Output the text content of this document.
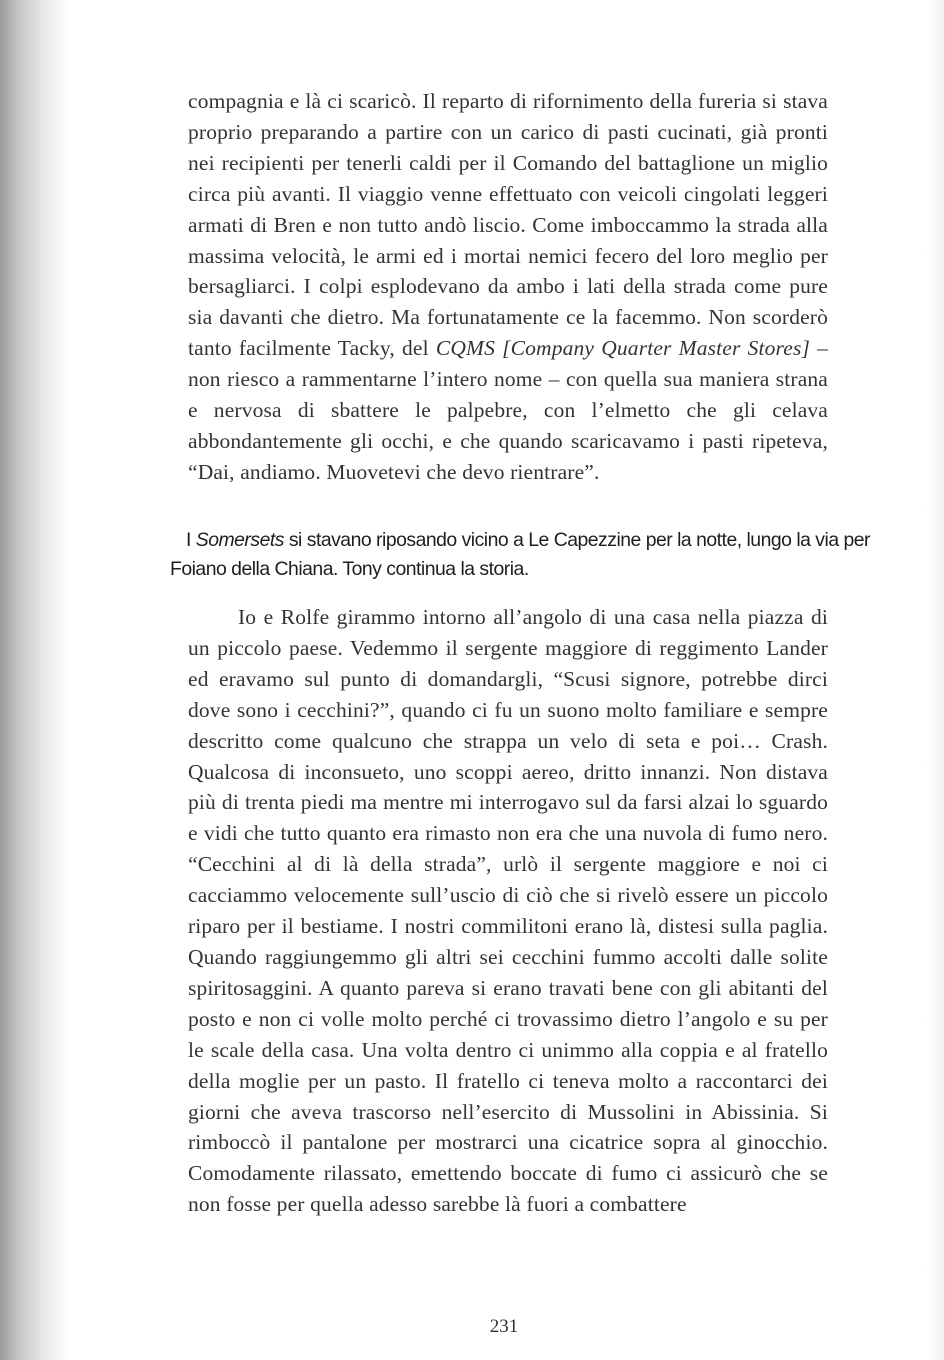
compagnia e là ci scaricò. Il reparto di rifornimento della fureria si stava proprio preparando a partire con un carico di pasti cucinati, già pronti nei recipienti per tenerli caldi per il Comando del battaglione un miglio circa più avanti. Il viaggio venne effettuato con veicoli cingolati leggeri armati di Bren e non tutto andò liscio. Come imboccammo la strada alla massima velocità, le armi ed i mortai nemici fecero del loro meglio per bersagliarci. I colpi esplodevano da ambo i lati della strada come pure sia davanti che dietro. Ma fortunatamente ce la facemmo. Non scorderò tanto facilmente Tacky, del CQMS [Company Quarter Master Stores] – non riesco a rammentarne l’intero nome – con quella sua maniera strana e nervosa di sbattere le palpebre, con l’elmetto che gli celava abbondantemente gli occhi, e che quando scaricavamo i pasti ripeteva, “Dai, andiamo. Muovetevi che devo rientrare”.

I Somersets si stavano riposando vicino a Le Capezzine per la notte, lungo la via per Foiano della Chiana. Tony continua la storia.

Io e Rolfe girammo intorno all’angolo di una casa nella piazza di un piccolo paese. Vedemmo il sergente maggiore di reggimento Lander ed eravamo sul punto di domandargli, “Scusi signore, potrebbe dirci dove sono i cecchini?”, quando ci fu un suono molto familiare e sempre descritto come qualcuno che strappa un velo di seta e poi… Crash. Qualcosa di inconsueto, uno scoppi aereo, dritto innanzi. Non distava più di trenta piedi ma mentre mi interrogavo sul da farsi alzai lo sguardo e vidi che tutto quanto era rimasto non era che una nuvola di fumo nero. “Cecchini al di là della strada”, urlò il sergente maggiore e noi ci cacciammo velocemente sull’uscio di ciò che si rivelò essere un piccolo riparo per il bestiame. I nostri commilitoni erano là, distesi sulla paglia. Quando raggiungemmo gli altri sei cecchini fummo accolti dalle solite spiritosaggini. A quanto pareva si erano travati bene con gli abitanti del posto e non ci volle molto perché ci trovassimo dietro l’angolo e su per le scale della casa. Una volta dentro ci unimmo alla coppia e al fratello della moglie per un pasto. Il fratello ci teneva molto a raccontarci dei giorni che aveva trascorso nell’esercito di Mussolini in Abissinia. Si rimboccò il pantalone per mostrarci una cicatrice sopra al ginocchio. Comodamente rilassato, emettendo boccate di fumo ci assicurò che se non fosse per quella adesso sarebbe là fuori a combattere

231
